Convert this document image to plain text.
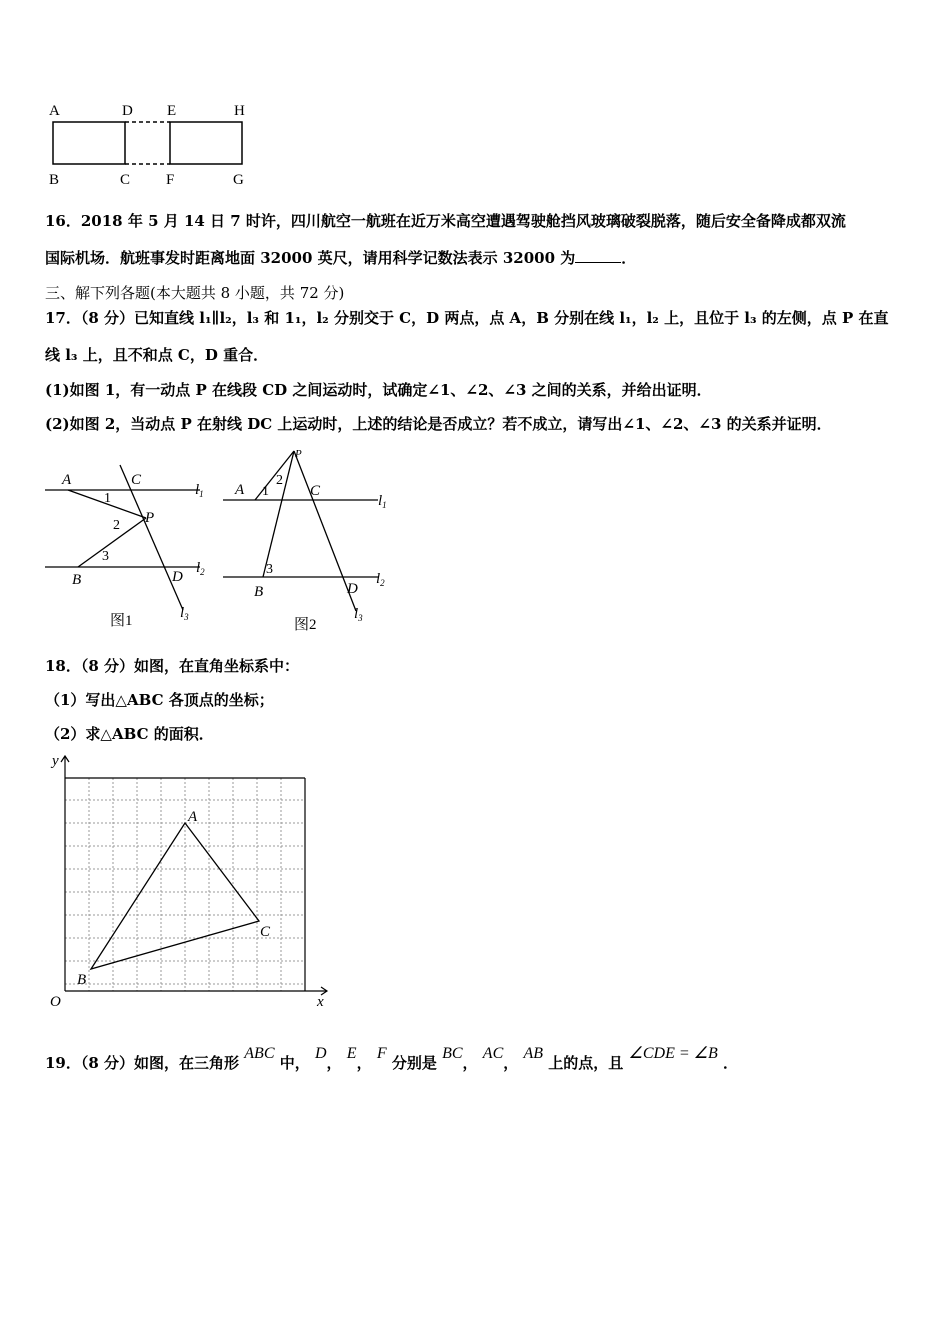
A	D E	H
B	C F	G
16．2018 年 5 月 14 日 7 时许，四川航空一航班在近万米高空遭遇驾驶舱挡风玻璃破裂脱落，随后安全备降成都双流
国际机场．航班事发时距离地面 32000 英尺，请用科学记数法表示 32000 为	．
三、解下列各题(本大题共 8 小题，共 72 分)
17．（8 分）已知直线 l₁∥l₂，l₃ 和 1₁，l₂ 分别交于 C，D 两点，点 A，B 分别在线 l₁，l₂ 上，且位于 l₃ 的左侧，点 P 在直
线 l₃ 上，且不和点 C，D 重合．
(1)如图 1，有一动点 P 在线段 CD 之间运动时，试确定∠1、∠2、∠3 之间的关系，并给出证明．
(2)如图 2，当动点 P 在射线 DC 上运动时，上述的结论是否成立？若不成立，请写出∠1、∠2、∠3 的关系并证明．
A	C
P
B	D
$l_1$
$l_2$
$l_3$
1
2
3
图1
P
A	C
B	D
$l_1$
$l_2$
$l_3$
1
2
3
图2
18．（8 分）如图，在直角坐标系中：
（1）写出△ABC 各顶点的坐标；
（2）求△ABC 的面积．
y
x
O
A
B
C
19．（8 分）如图，在三角形 ABC 中， D， E， F 分别是 BC， AC， AB 上的点，且 ∠CDE = ∠B ．
